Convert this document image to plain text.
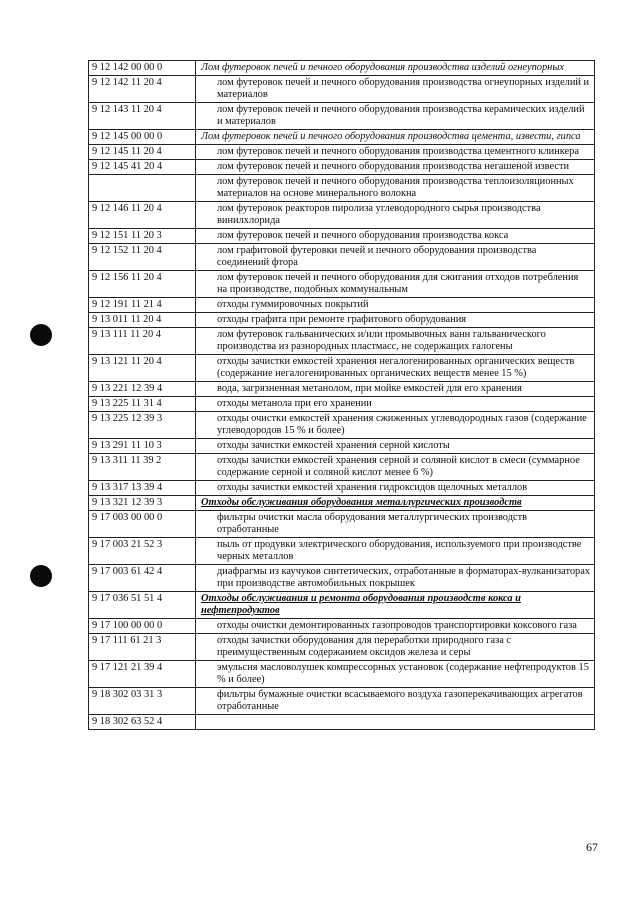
9 12 142 00 00 0	Лом футеровок печей и печного оборудования производства изделий огнеупорных
9 12 142 11 20 4	лом футеровок печей и печного оборудования производства огнеупорных изделий и материалов
9 12 143 11 20 4	лом футеровок печей и печного оборудования производства керамических изделий и материалов
9 12 145 00 00 0	Лом футеровок печей и печного оборудования производства цемента, извести, гипса
9 12 145 11 20 4	лом футеровок печей и печного оборудования производства цементного клинкера
9 12 145 41 20 4	лом футеровок печей и печного оборудования производства негашеной извести
	лом футеровок печей и печного оборудования производства теплоизоляционных материалов на основе минерального волокна
9 12 146 11 20 4	лом футеровок реакторов пиролиза углеводородного сырья производства винилхлорида
9 12 151 11 20 3	лом футеровок печей и печного оборудования производства кокса
9 12 152 11 20 4	лом графитовой футеровки печей и печного оборудования производства соединений фтора
9 12 156 11 20 4	лом футеровок печей и печного оборудования для сжигания отходов потребления на производстве, подобных коммунальным
9 12 191 11 21 4	отходы гуммировочных покрытий
9 13 011 11 20 4	отходы графита при ремонте графитового оборудования
9 13 111 11 20 4	лом футеровок гальванических и/или промывочных ванн гальванического производства из разнородных пластмасс, не содержащих галогены
9 13 121 11 20 4	отходы зачистки емкостей хранения негалогенированных органических веществ (содержание негалогенированных органических веществ менее 15 %)
9 13 221 12 39 4	вода, загрязненная метанолом, при мойке емкостей для его хранения
9 13 225 11 31 4	отходы метанола при его хранении
9 13 225 12 39 3	отходы очистки емкостей хранения сжиженных углеводородных газов (содержание углеводородов 15 % и более)
9 13 291 11 10 3	отходы зачистки емкостей хранения серной кислоты
9 13 311 11 39 2	отходы зачистки емкостей хранения серной и соляной кислот в смеси (суммарное содержание серной и соляной кислот менее 6 %)
9 13 317 13 39 4	отходы зачистки емкостей хранения гидроксидов щелочных металлов
9 13 321 12 39 3	Отходы обслуживания оборудования металлургических производств
9 17 003 00 00 0	фильтры очистки масла оборудования металлургических производств отработанные
9 17 003 21 52 3	пыль от продувки электрического оборудования, используемого при производстве черных металлов
9 17 003 61 42 4	диафрагмы из каучуков синтетических, отработанные в форматорах-вулканизаторах при производстве автомобильных покрышек
9 17 036 51 51 4	Отходы обслуживания и ремонта оборудования производств кокса и нефтепродуктов
9 17 100 00 00 0	отходы очистки демонтированных газопроводов транспортировки коксового газа
9 17 111 61 21 3	отходы зачистки оборудования для переработки природного газа с преимущественным содержанием оксидов железа и серы
9 17 121 21 39 4	эмульсия масловолушек компрессорных установок (содержание нефтепродуктов 15 % и более)
9 18 302 03 31 3	фильтры бумажные очистки всасываемого воздуха газоперекачивающих агрегатов отработанные
9 18 302 63 52 4	
67
